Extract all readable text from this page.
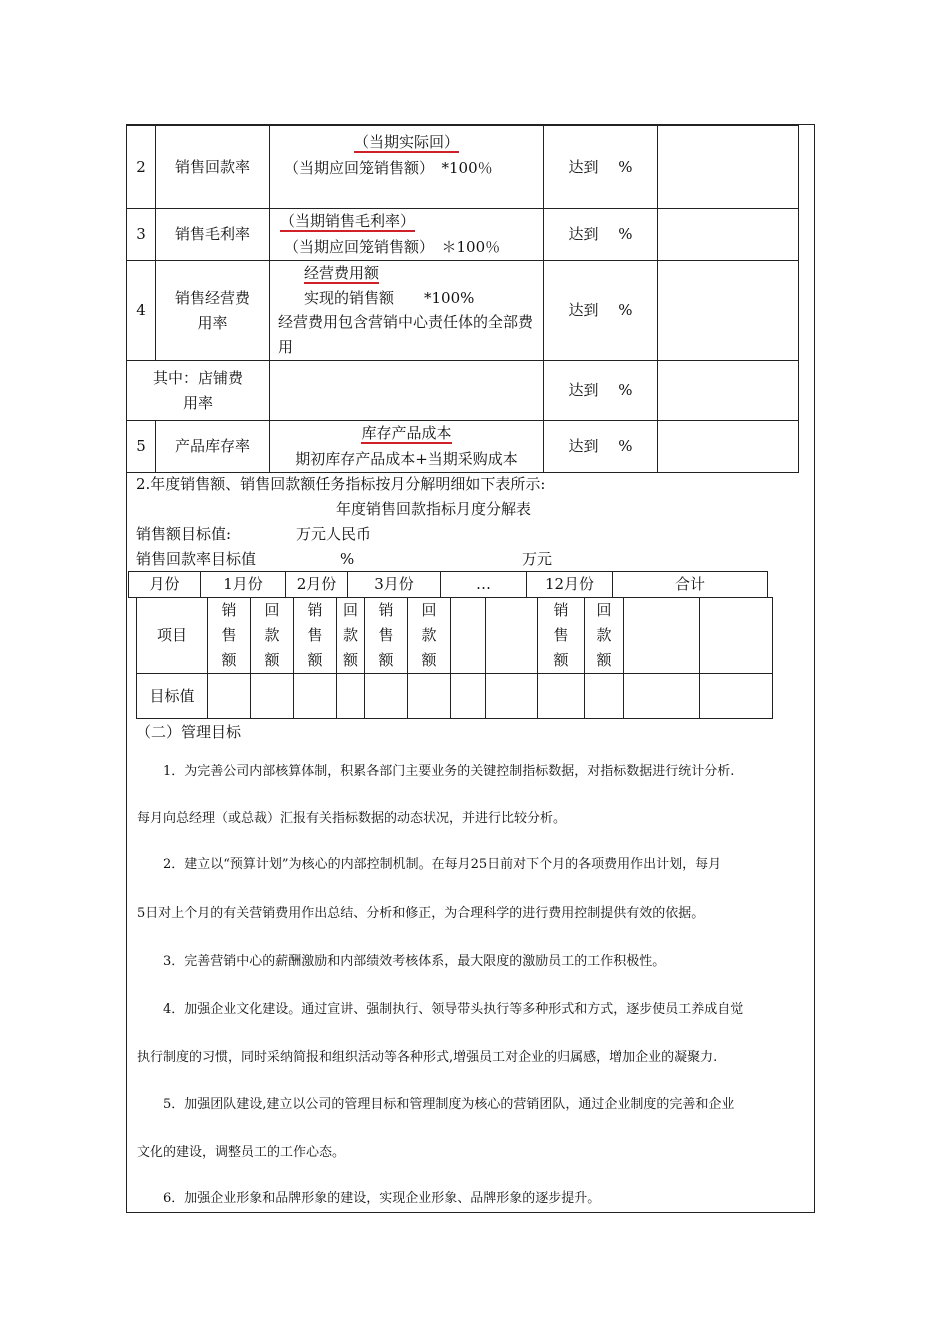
2	销售回款率	（当期实际回）
（当期应回笼销售额）　*100％	达到　 %	
3	销售毛利率	（当期销售毛利率）
（当期应回笼销售额）　＊100％	达到　 %	
4	销售经营费用率	经营费用额
实现的销售额　　*100%
经营费用包含营销中心责任体的全部费用	达到　 %	
其中：店铺费用率			达到　 %	
5	产品库存率	库存产品成本
期初库存产品成本+当期采购成本	达到　 %	
2.年度销售额、销售回款额任务指标按月分解明细如下表所示:
年度销售回款指标月度分解表
销售额目标值:	万元人民币
销售回款率目标值	%	万元
月份	1月份	2月份	3月份	…	12月份	合计
项目	销售额	回款额	销售额	回款额	销售额	回款额			销售额	回款额		
目标值												
（二）管理目标
1．为完善公司内部核算体制，积累各部门主要业务的关键控制指标数据，对指标数据进行统计分析.
每月向总经理（或总裁）汇报有关指标数据的动态状况，并进行比较分析。
2．建立以“预算计划”为核心的内部控制机制。在每月25日前对下个月的各项费用作出计划，每月
5日对上个月的有关营销费用作出总结、分析和修正，为合理科学的进行费用控制提供有效的依据。
3．完善营销中心的薪酬激励和内部绩效考核体系，最大限度的激励员工的工作积极性。
4．加强企业文化建设。通过宣讲、强制执行、领导带头执行等多种形式和方式，逐步使员工养成自觉
执行制度的习惯，同时采纳简报和组织活动等各种形式,增强员工对企业的归属感，增加企业的凝聚力.
5．加强团队建设,建立以公司的管理目标和管理制度为核心的营销团队，通过企业制度的完善和企业
文化的建设，调整员工的工作心态。
6．加强企业形象和品牌形象的建设，实现企业形象、品牌形象的逐步提升。
